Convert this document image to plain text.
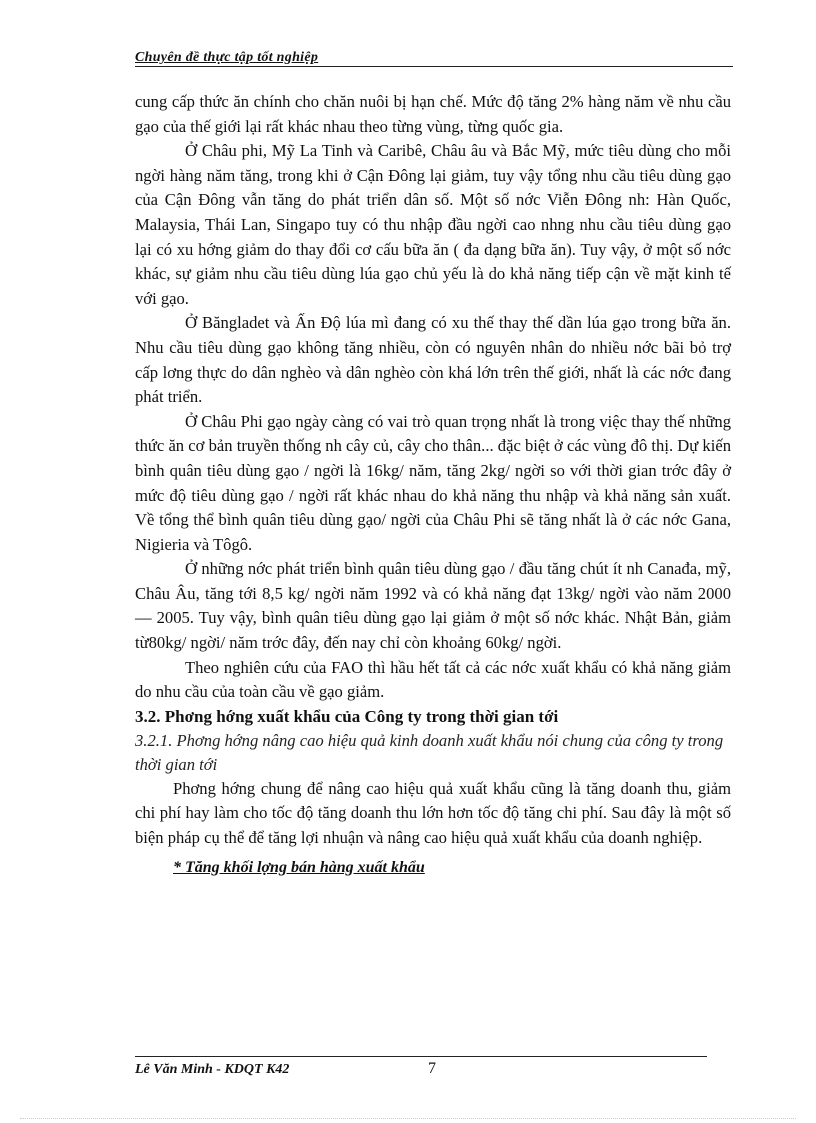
Chuyên đề thực tập tốt nghiệp

cung cấp thức ăn chính cho chăn nuôi bị hạn chế. Mức độ tăng 2% hàng năm về nhu cầu gạo của thế giới lại rất khác nhau theo từng vùng, từng quốc gia.

Ở Châu phi, Mỹ La Tinh và Caribê, Châu âu và Bắc Mỹ, mức tiêu dùng cho mỗi ngời hàng năm tăng, trong khi ở Cận Đông lại giảm, tuy vậy tổng nhu cầu tiêu dùng gạo của Cận Đông vẫn tăng do phát triển dân số. Một số nớc Viễn Đông nh: Hàn Quốc, Malaysia, Thái Lan, Singapo tuy có thu nhập đầu ngời cao nhng nhu cầu tiêu dùng gạo lại có xu hớng giảm do thay đổi cơ cấu bữa ăn ( đa dạng bữa ăn). Tuy vậy, ở một số nớc khác, sự giảm nhu cầu tiêu dùng lúa gạo chủ yếu là do khả năng tiếp cận về mặt kinh tế với gạo.

Ở Băngladet và Ấn Độ lúa mì đang có xu thế thay thế dần lúa gạo trong bữa ăn. Nhu cầu tiêu dùng gạo không tăng nhiều, còn có nguyên nhân do nhiều nớc bãi bỏ trợ cấp lơng thực do dân nghèo và dân nghèo còn khá lớn trên thế giới, nhất là các nớc đang phát triển.

Ở Châu Phi gạo ngày càng có vai trò quan trọng nhất là trong việc thay thế những thức ăn cơ bản truyền thống nh cây củ, cây cho thân... đặc biệt ở các vùng đô thị. Dự kiến bình quân tiêu dùng gạo / ngời là 16kg/ năm, tăng 2kg/ ngời so với thời gian trớc đây ở mức độ tiêu dùng gạo / ngời rất khác nhau do khả năng thu nhập và khả năng sản xuất. Về tổng thể bình quân tiêu dùng gạo/ ngời của Châu Phi sẽ tăng nhất là ở các nớc Gana, Nigieria và Tôgô.

Ở những nớc phát triển bình quân tiêu dùng gạo / đầu tăng chút ít nh Canađa, mỹ, Châu Âu, tăng tới 8,5 kg/ ngời năm 1992 và có khả năng đạt 13kg/ ngời vào năm 2000 — 2005. Tuy vậy, bình quân tiêu dùng gạo lại giảm ở một số nớc khác. Nhật Bản, giảm từ80kg/ ngời/ năm trớc đây, đến nay chỉ còn khoảng 60kg/ ngời.

Theo nghiên cứu của FAO thì hầu hết tất cả các nớc xuất khẩu có khả năng giảm do nhu cầu của toàn cầu về gạo giảm.

3.2. Phơng hớng xuất khẩu của Công ty trong thời gian tới

3.2.1. Phơng hớng nâng cao hiệu quả kinh doanh xuất khẩu nói chung của công ty trong thời gian tới

Phơng hớng chung để nâng cao hiệu quả xuất khẩu cũng là tăng doanh thu, giảm chi phí hay làm cho tốc độ tăng doanh thu lớn hơn tốc độ tăng chi phí. Sau đây là một số biện pháp cụ thể để tăng lợi nhuận và nâng cao hiệu quả xuất khẩu của doanh nghiệp.

* Tăng khối lợng bán hàng xuất khẩu

Lê Văn Minh - KDQT K42	7
